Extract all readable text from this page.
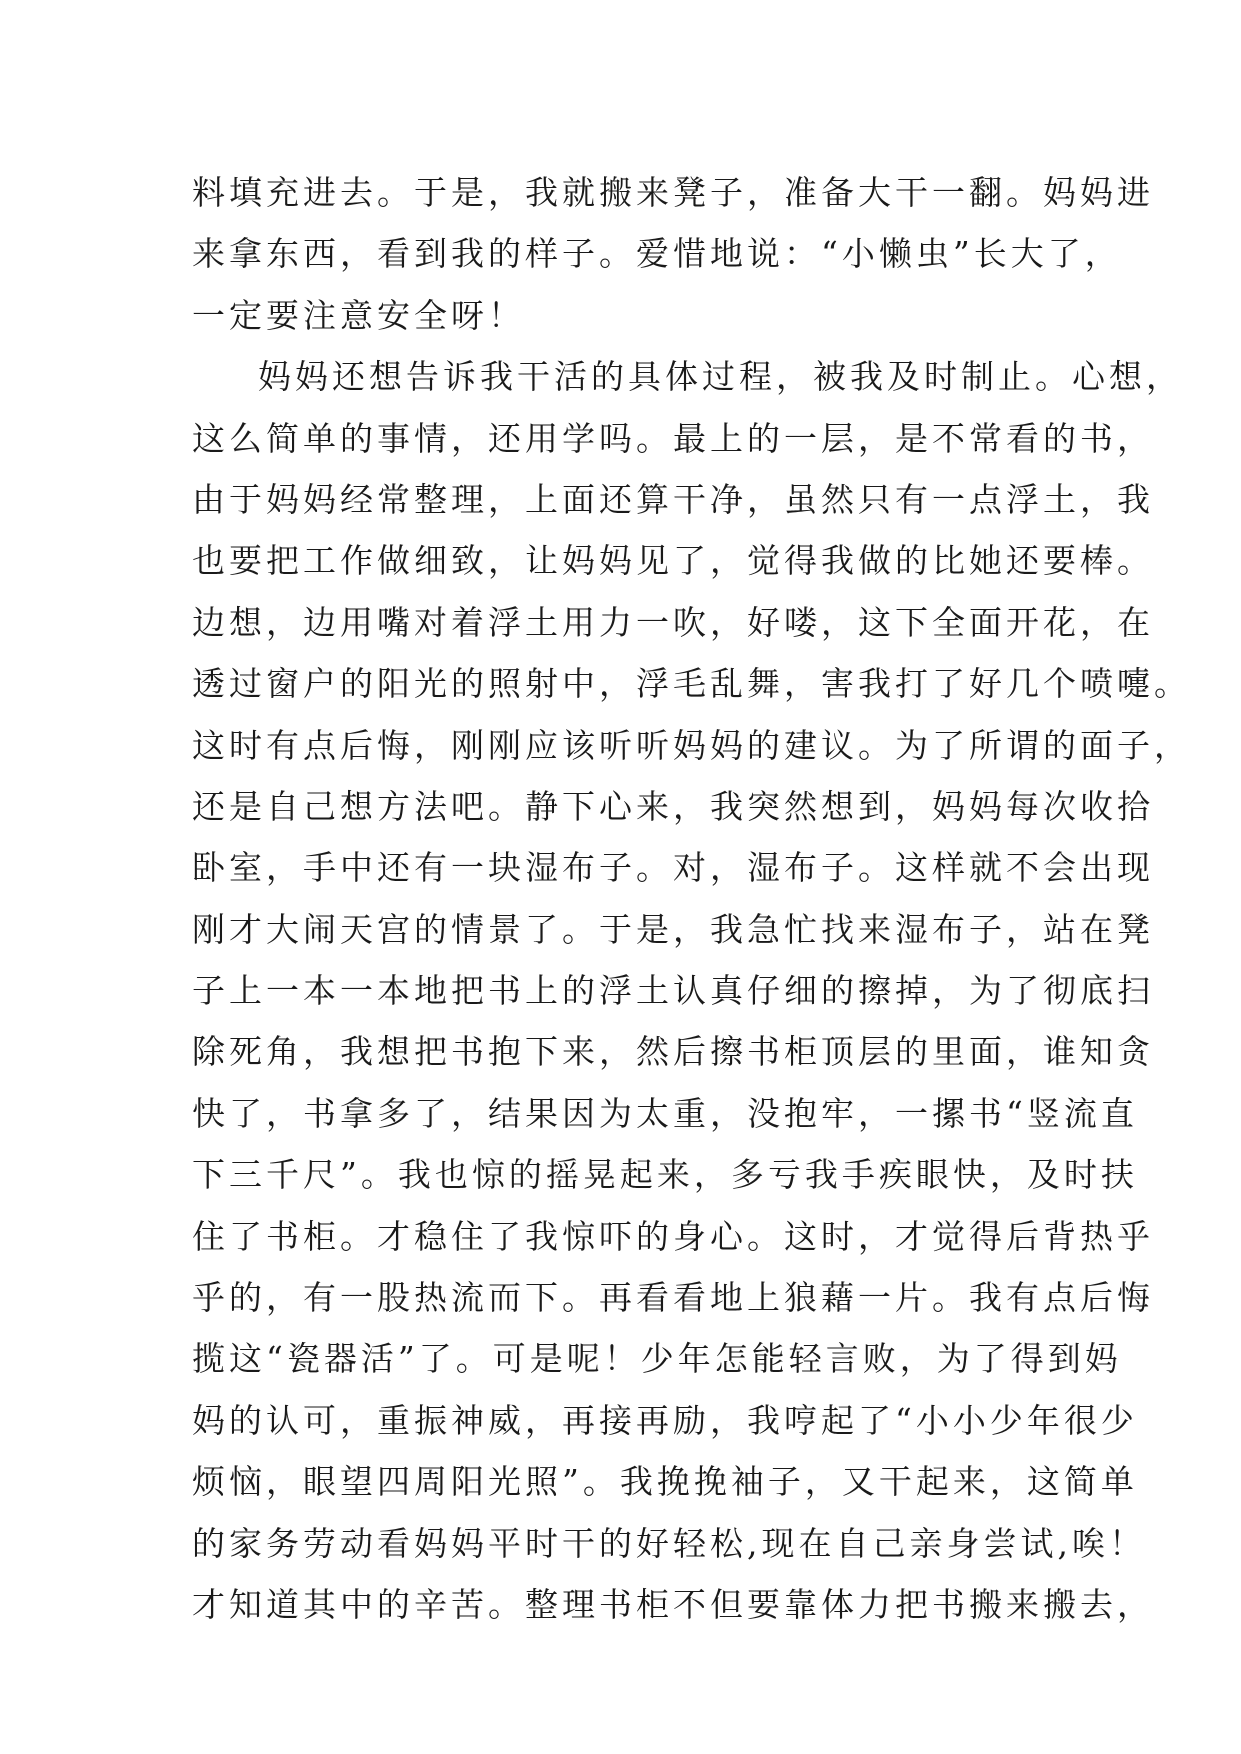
料填充进去。于是，我就搬来凳子，准备大干一翻。妈妈进
来拿东西，看到我的样子。爱惜地说：“小懒虫”长大了，
一定要注意安全呀！
妈妈还想告诉我干活的具体过程，被我及时制止。心想，
这么简单的事情，还用学吗。最上的一层，是不常看的书，
由于妈妈经常整理，上面还算干净，虽然只有一点浮土，我
也要把工作做细致，让妈妈见了，觉得我做的比她还要棒。
边想，边用嘴对着浮土用力一吹，好喽，这下全面开花，在
透过窗户的阳光的照射中，浮毛乱舞，害我打了好几个喷嚏。
这时有点后悔，刚刚应该听听妈妈的建议。为了所谓的面子，
还是自己想方法吧。静下心来，我突然想到，妈妈每次收拾
卧室，手中还有一块湿布子。对，湿布子。这样就不会出现
刚才大闹天宫的情景了。于是，我急忙找来湿布子，站在凳
子上一本一本地把书上的浮土认真仔细的擦掉，为了彻底扫
除死角，我想把书抱下来，然后擦书柜顶层的里面，谁知贪
快了，书拿多了，结果因为太重，没抱牢，一摞书“竖流直
下三千尺”。我也惊的摇晃起来，多亏我手疾眼快，及时扶
住了书柜。才稳住了我惊吓的身心。这时，才觉得后背热乎
乎的，有一股热流而下。再看看地上狼藉一片。我有点后悔
揽这“瓷器活”了。可是呢！少年怎能轻言败，为了得到妈
妈的认可，重振神威，再接再励，我哼起了“小小少年很少
烦恼，眼望四周阳光照”。我挽挽袖子，又干起来，这简单
的家务劳动看妈妈平时干的好轻松,现在自己亲身尝试,唉！
才知道其中的辛苦。整理书柜不但要靠体力把书搬来搬去，
